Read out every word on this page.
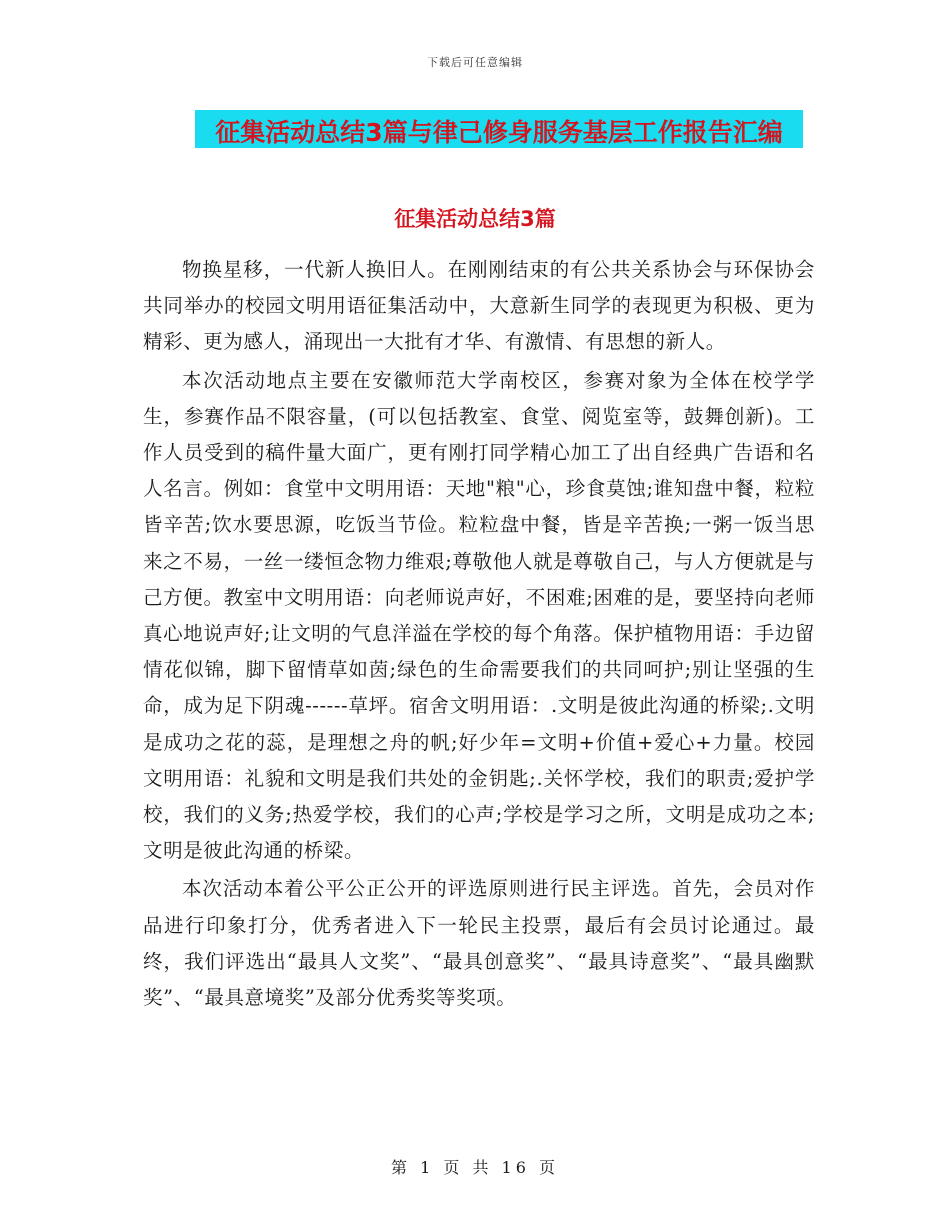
下载后可任意编辑
征集活动总结3篇与律己修身服务基层工作报告汇编
征集活动总结3篇

物换星移，一代新人换旧人。在刚刚结束的有公共关系协会与环保协会共同举办的校园文明用语征集活动中，大意新生同学的表现更为积极、更为精彩、更为感人，涌现出一大批有才华、有激情、有思想的新人。

本次活动地点主要在安徽师范大学南校区，参赛对象为全体在校学学生，参赛作品不限容量，(可以包括教室、食堂、阅览室等，鼓舞创新)。工作人员受到的稿件量大面广，更有刚打同学精心加工了出自经典广告语和名人名言。例如：食堂中文明用语：天地"粮"心，珍食莫蚀;谁知盘中餐，粒粒皆辛苦;饮水要思源，吃饭当节俭。粒粒盘中餐，皆是辛苦换;一粥一饭当思来之不易，一丝一缕恒念物力维艰;尊敬他人就是尊敬自己，与人方便就是与己方便。教室中文明用语：向老师说声好，不困难;困难的是，要坚持向老师真心地说声好;让文明的气息洋溢在学校的每个角落。保护植物用语：手边留情花似锦，脚下留情草如茵;绿色的生命需要我们的共同呵护;别让坚强的生命，成为足下阴魂------草坪。宿舍文明用语：.文明是彼此沟通的桥梁;.文明是成功之花的蕊，是理想之舟的帆;好少年=文明+价值+爱心+力量。校园文明用语：礼貌和文明是我们共处的金钥匙;.关怀学校，我们的职责;爱护学校，我们的义务;热爱学校，我们的心声;学校是学习之所，文明是成功之本;文明是彼此沟通的桥梁。

本次活动本着公平公正公开的评选原则进行民主评选。首先，会员对作品进行印象打分，优秀者进入下一轮民主投票，最后有会员讨论通过。最终，我们评选出“最具人文奖”、“最具创意奖”、“最具诗意奖”、“最具幽默奖”、“最具意境奖”及部分优秀奖等奖项。

第 1 页 共 16 页
